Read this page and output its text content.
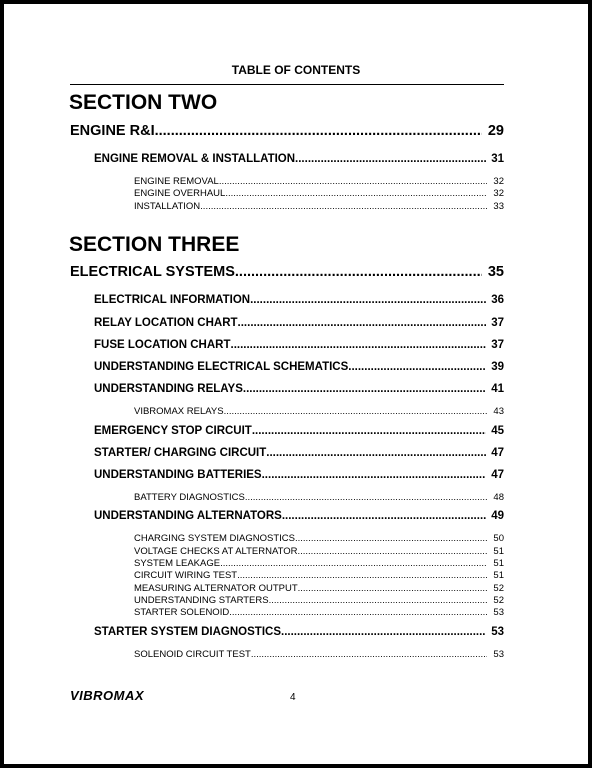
TABLE OF CONTENTS
SECTION TWO
ENGINE R&I .....	29
ENGINE REMOVAL & INSTALLATION .....	31
ENGINE REMOVAL .....	32
ENGINE OVERHAUL .....	32
INSTALLATION .....	33
SECTION THREE
ELECTRICAL SYSTEMS .....	35
ELECTRICAL INFORMATION .....	36
RELAY LOCATION CHART .....	37
FUSE LOCATION CHART .....	37
UNDERSTANDING ELECTRICAL SCHEMATICS .....	39
UNDERSTANDING RELAYS .....	41
VIBROMAX RELAYS .....	43
EMERGENCY STOP CIRCUIT .....	45
STARTER/ CHARGING CIRCUIT .....	47
UNDERSTANDING BATTERIES .....	47
BATTERY DIAGNOSTICS .....	48
UNDERSTANDING ALTERNATORS .....	49
CHARGING SYSTEM DIAGNOSTICS .....	50
VOLTAGE CHECKS AT ALTERNATOR .....	51
SYSTEM LEAKAGE .....	51
CIRCUIT WIRING TEST .....	51
MEASURING ALTERNATOR OUTPUT .....	52
UNDERSTANDING STARTERS .....	52
STARTER SOLENOID .....	53
STARTER SYSTEM DIAGNOSTICS .....	53
SOLENOID CIRCUIT TEST .....	53
VIBROMAX	4
